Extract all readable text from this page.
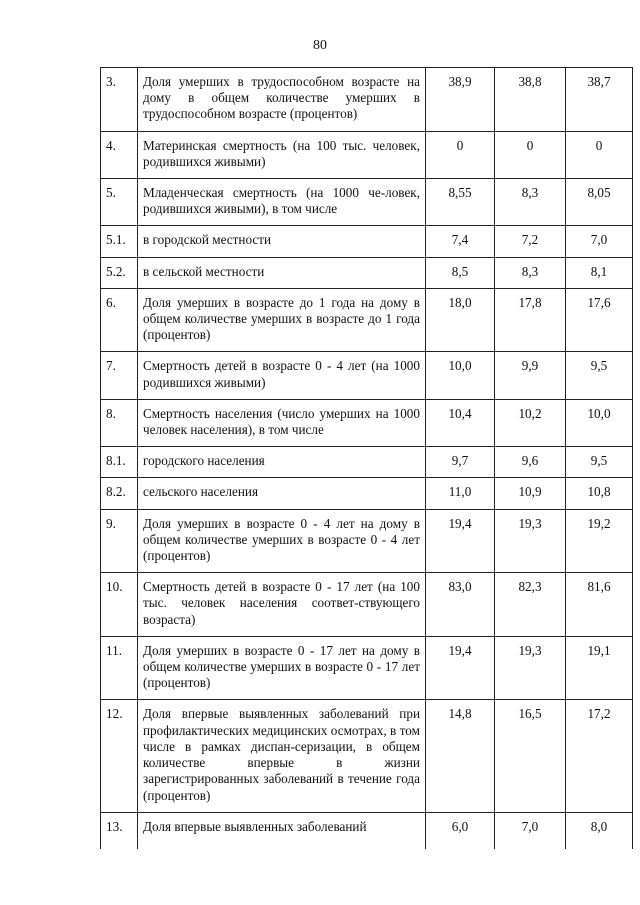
80
3.	Доля умерших в трудоспособном возрасте на дому в общем количестве умерших в трудоспособном возрасте (процентов)	38,9	38,8	38,7
4.	Материнская смертность (на 100 тыс. человек, родившихся живыми)	0	0	0
5.	Младенческая смертность (на 1000 че-ловек, родившихся живыми), в том числе	8,55	8,3	8,05
5.1.	в городской местности	7,4	7,2	7,0
5.2.	в сельской местности	8,5	8,3	8,1
6.	Доля умерших в возрасте до 1 года на дому в общем количестве умерших в возрасте до 1 года (процентов)	18,0	17,8	17,6
7.	Смертность детей в возрасте 0 - 4 лет (на 1000 родившихся живыми)	10,0	9,9	9,5
8.	Смертность населения (число умерших на 1000 человек населения), в том числе	10,4	10,2	10,0
8.1.	городского населения	9,7	9,6	9,5
8.2.	сельского населения	11,0	10,9	10,8
9.	Доля умерших в возрасте 0 - 4 лет на дому в общем количестве умерших в возрасте 0 - 4 лет (процентов)	19,4	19,3	19,2
10.	Смертность детей в возрасте 0 - 17 лет (на 100 тыс. человек населения соответ-ствующего возраста)	83,0	82,3	81,6
11.	Доля умерших в возрасте 0 - 17 лет на дому в общем количестве умерших в возрасте 0 - 17 лет (процентов)	19,4	19,3	19,1
12.	Доля впервые выявленных заболеваний при профилактических медицинских осмотрах, в том числе в рамках диспан-серизации, в общем количестве впервые в жизни зарегистрированных заболеваний в течение года (процентов)	14,8	16,5	17,2
13.	Доля впервые выявленных заболеваний	6,0	7,0	8,0
